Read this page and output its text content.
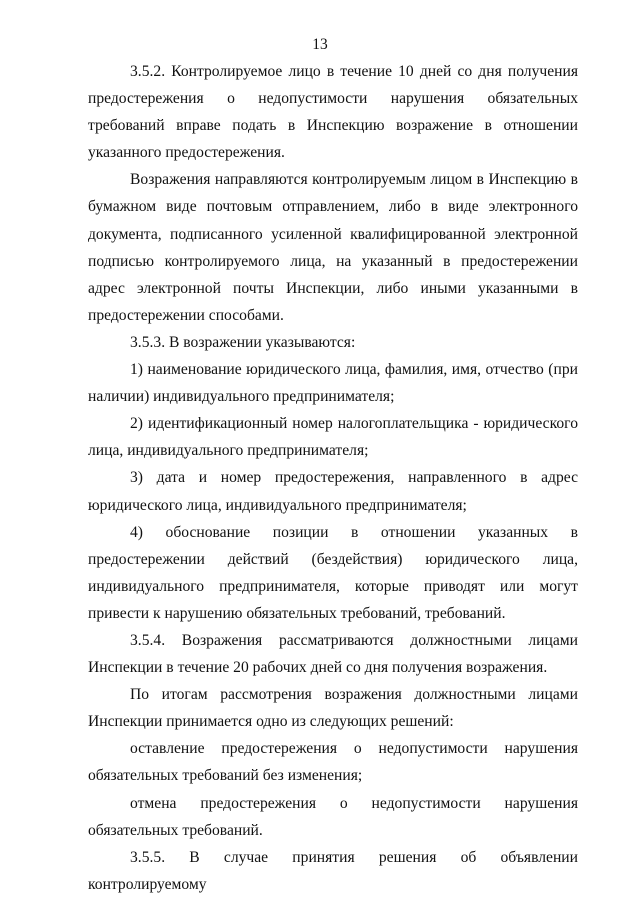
13

3.5.2. Контролируемое лицо в течение 10 дней со дня получения предостережения о недопустимости нарушения обязательных требований вправе подать в Инспекцию возражение в отношении указанного предостережения.

Возражения направляются контролируемым лицом в Инспекцию в бумажном виде почтовым отправлением, либо в виде электронного документа, подписанного усиленной квалифицированной электронной подписью контролируемого лица, на указанный в предостережении адрес электронной почты Инспекции, либо иными указанными в предостережении способами.

3.5.3. В возражении указываются:

1) наименование юридического лица, фамилия, имя, отчество (при наличии) индивидуального предпринимателя;

2) идентификационный номер налогоплательщика - юридического лица, индивидуального предпринимателя;

3) дата и номер предостережения, направленного в адрес юридического лица, индивидуального предпринимателя;

4) обоснование позиции в отношении указанных в предостережении действий (бездействия) юридического лица, индивидуального предпринимателя, которые приводят или могут привести к нарушению обязательных требований, требований.

3.5.4. Возражения рассматриваются должностными лицами Инспекции в течение 20 рабочих дней со дня получения возражения.

По итогам рассмотрения возражения должностными лицами Инспекции принимается одно из следующих решений:

оставление предостережения о недопустимости нарушения обязательных требований без изменения;

отмена предостережения о недопустимости нарушения обязательных требований.

3.5.5. В случае принятия решения об объявлении контролируемому
